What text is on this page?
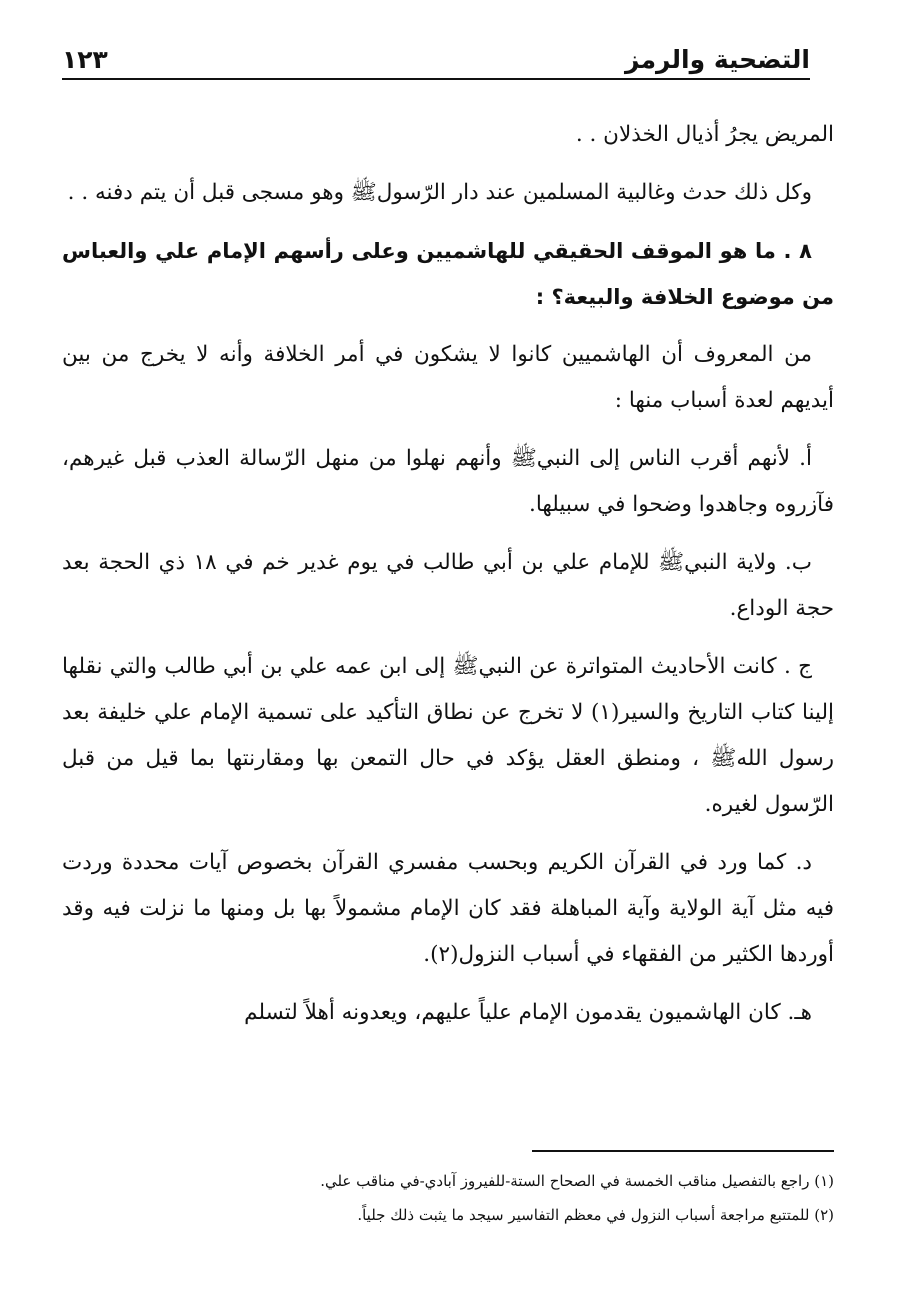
التضحية والرمز
١٢٣

المريض يجرُ أذيال الخذلان . .

وكل ذلك حدث وغالبية المسلمين عند دار الرّسولﷺ وهو مسجى قبل أن يتم دفنه . .

٨ . ما هو الموقف الحقيقي للهاشميين وعلى رأسهم الإمام علي والعباس من موضوع الخلافة والبيعة؟ :

من المعروف أن الهاشميين كانوا لا يشكون في أمر الخلافة وأنه لا يخرج من بين أيديهم لعدة أسباب منها :

أ. لأنهم أقرب الناس إلى النبيﷺ وأنهم نهلوا من منهل الرّسالة العذب قبل غيرهم، فآزروه وجاهدوا وضحوا في سبيلها.

ب. ولاية النبيﷺ للإمام علي بن أبي طالب في يوم غدير خم في ١٨ ذي الحجة بعد حجة الوداع.

ج . كانت الأحاديث المتواترة عن النبيﷺ إلى ابن عمه علي بن أبي طالب والتي نقلها إلينا كتاب التاريخ والسير(١) لا تخرج عن نطاق التأكيد على تسمية الإمام علي خليفة بعد رسول اللهﷺ ، ومنطق العقل يؤكد في حال التمعن بها ومقارنتها بما قيل من قبل الرّسول لغيره.

د. كما ورد في القرآن الكريم وبحسب مفسري القرآن بخصوص آيات محددة وردت فيه مثل آية الولاية وآية المباهلة فقد كان الإمام مشمولاً بها بل ومنها ما نزلت فيه وقد أوردها الكثير من الفقهاء في أسباب النزول(٢).

هـ. كان الهاشميون يقدمون الإمام علياً عليهم، ويعدونه أهلاً لتسلم

(١) راجع بالتفصيل مناقب الخمسة في الصحاح الستة-للفيروز آبادي-في مناقب علي.
(٢) للمتتبع مراجعة أسباب النزول في معظم التفاسير سيجد ما يثبت ذلك جلياً.
